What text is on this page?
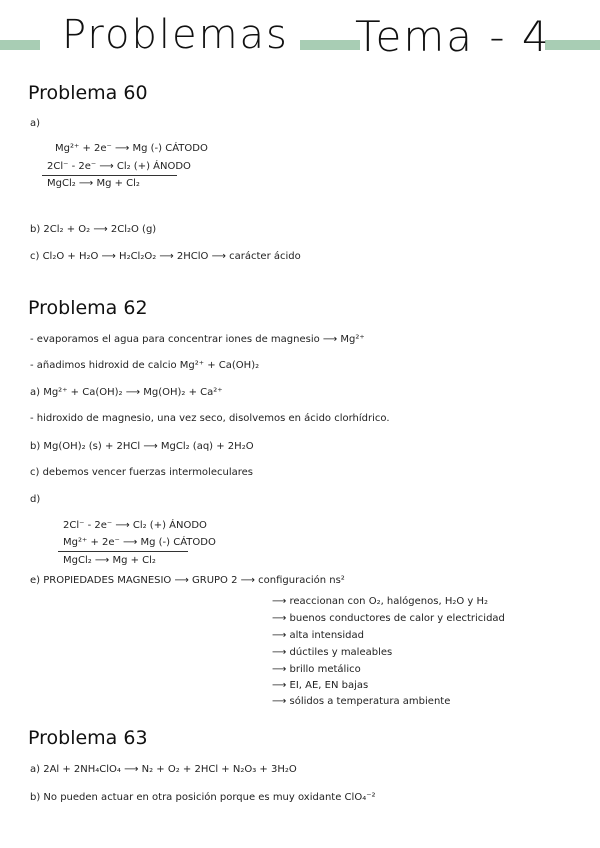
Problemas Tema - 4
Problema 60
a)
Mg²⁺ + 2e⁻ ⟶ Mg (-) CÁTODO
2Cl⁻ - 2e⁻ ⟶ Cl₂ (+) ÁNODO
MgCl₂ ⟶ Mg + Cl₂
b) 2Cl₂ + O₂ ⟶ 2Cl₂O (g)
c) Cl₂O + H₂O ⟶ H₂Cl₂O₂ ⟶ 2HClO ⟶ carácter ácido
Problema 62
- evaporamos el agua para concentrar iones de magnesio ⟶ Mg²⁺
- añadimos hidroxid de calcio Mg²⁺ + Ca(OH)₂
a) Mg²⁺ + Ca(OH)₂ ⟶ Mg(OH)₂ + Ca²⁺
- hidroxido de magnesio, una vez seco, disolvemos en ácido clorhídrico.
b) Mg(OH)₂ (s) + 2HCl ⟶ MgCl₂ (aq) + 2H₂O
c) debemos vencer fuerzas intermoleculares
d)
2Cl⁻ - 2e⁻ ⟶ Cl₂ (+) ÁNODO
Mg²⁺ + 2e⁻ ⟶ Mg (-) CÁTODO
MgCl₂ ⟶ Mg + Cl₂
e) PROPIEDADES MAGNESIO ⟶ GRUPO 2 ⟶ configuración ns²
⟶ reaccionan con O₂, halógenos, H₂O y H₂
⟶ buenos conductores de calor y electricidad
⟶ alta intensidad
⟶ dúctiles y maleables
⟶ brillo metálico
⟶ EI, AE, EN bajas
⟶ sólidos a temperatura ambiente
Problema 63
a) 2Al + 2NH₄ClO₄ ⟶ N₂ + O₂ + 2HCl + N₂O₃ + 3H₂O
b) No pueden actuar en otra posición porque es muy oxidante ClO₄⁻²
